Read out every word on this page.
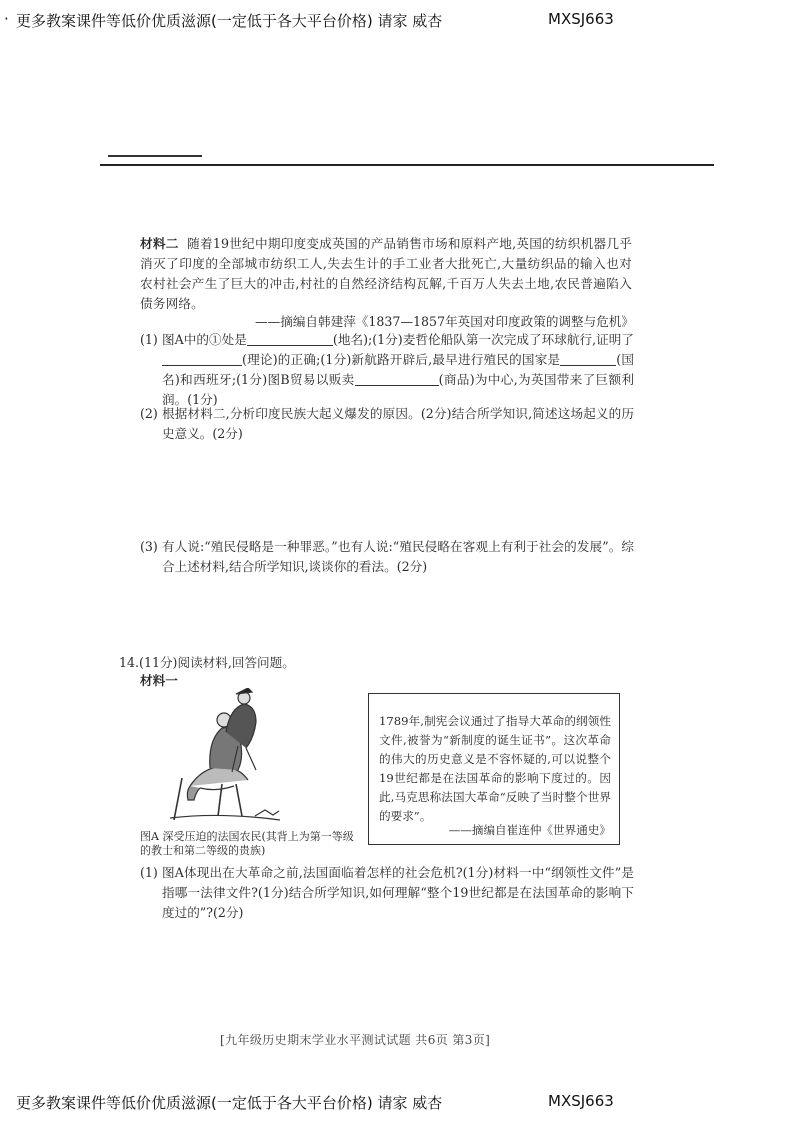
· 更多教案课件等低价优质滋源(一定低于各大平台价格) 请家 威杏	MXSJ663
材料二 随着19世纪中期印度变成英国的产品销售市场和原料产地,英国的纺织机器几乎消灭了印度的全部城市纺织工人,失去生计的手工业者大批死亡,大量纺织品的输入也对农村社会产生了巨大的冲击,村社的自然经济结构瓦解,千百万人失去土地,农民普遍陷入债务网络。
——摘编自韩建萍《1837—1857年英国对印度政策的调整与危机》
(1) 图A中的①处是	(地名);(1分)麦哲伦船队第一次完成了环球航行,证明了(理论)的正确;(1分)新航路开辟后,最早进行殖民的国家是	(国名)和西班牙;(1分)图B贸易以贩卖	(商品)为中心,为英国带来了巨额利润。(1分)
(2) 根据材料二,分析印度民族大起义爆发的原因。(2分)结合所学知识,简述这场起义的历史意义。(2分)
(3) 有人说:“殖民侵略是一种罪恶。”也有人说:“殖民侵略在客观上有利于社会的发展”。综合上述材料,结合所学知识,谈谈你的看法。(2分)
14.(11分)阅读材料,回答问题。
材料一
图A 深受压迫的法国农民(其背上为第一等级的教士和第二等级的贵族)
1789年,制宪会议通过了指导大革命的纲领性文件,被誉为“新制度的诞生证书”。这次革命的伟大的历史意义是不容怀疑的,可以说整个19世纪都是在法国革命的影响下度过的。因此,马克思称法国大革命“反映了当时整个世界的要求”。
——摘编自崔连仲《世界通史》
(1) 图A体现出在大革命之前,法国面临着怎样的社会危机?(1分)材料一中“纲领性文件”是指哪一法律文件?(1分)结合所学知识,如何理解“整个19世纪都是在法国革命的影响下度过的”?(2分)
[九年级历史期末学业水平测试试题 共6页 第3页]
更多教案课件等低价优质滋源(一定低于各大平台价格) 请家 威杏	MXSJ663
